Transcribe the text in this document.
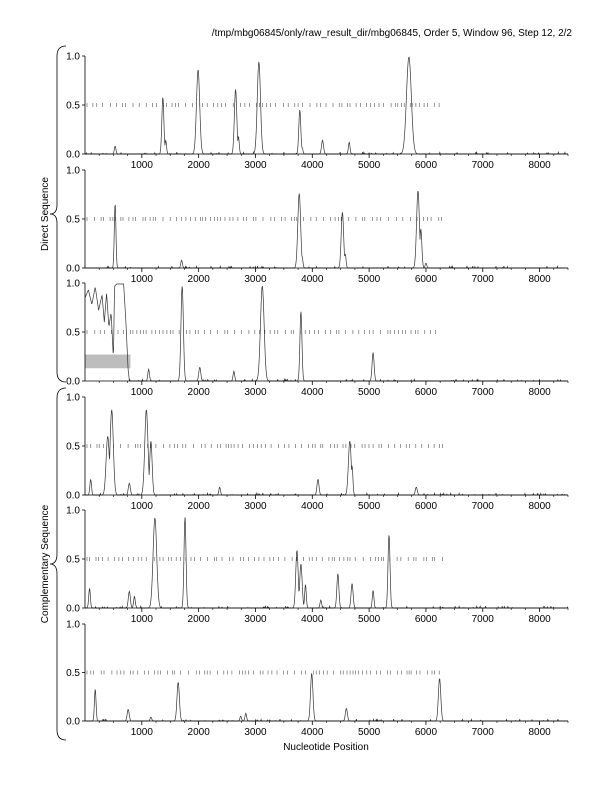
/tmp/mbg06845/only/raw_result_dir/mbg06845, Order 5, Window 96, Step 12, 2/2
0.0
0.5
1.0
1000	2000	3000	4000	5000	6000	7000	8000
0.0
0.5
1.0
1000	2000	3000	4000	5000	6000	7000	8000
0.0
0.5
1.0
1000	2000	3000	4000	5000	6000	7000	8000
0.0
0.5
1.0
1000	2000	3000	4000	5000	6000	7000	8000
0.0
0.5
1.0
1000	2000	3000	4000	5000	6000	7000	8000
0.0
0.5
1.0
1000	2000	3000	4000	5000	6000	7000	8000
Direct Sequence
Complementary Sequence
Nucleotide Position
